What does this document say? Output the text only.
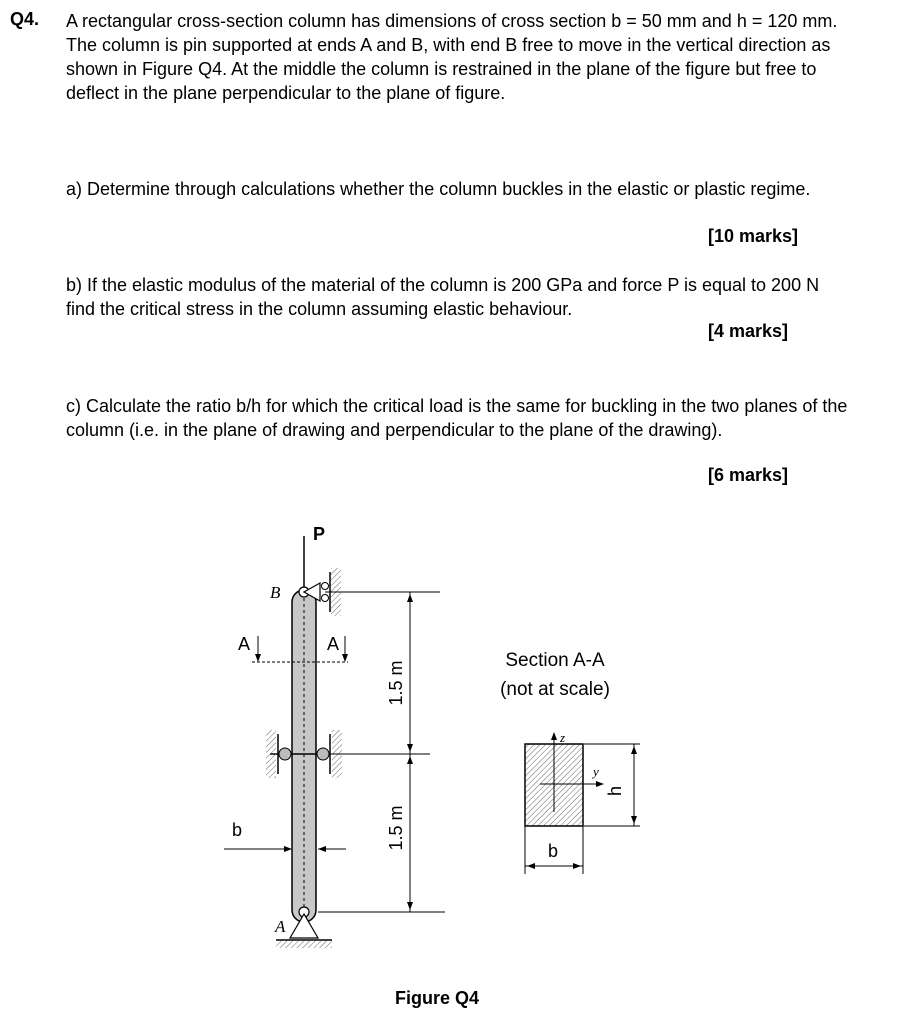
Q4. A rectangular cross-section column has dimensions of cross section b = 50 mm and h = 120 mm. The column is pin supported at ends A and B, with end B free to move in the vertical direction as shown in Figure Q4. At the middle the column is restrained in the plane of the figure but free to deflect in the plane perpendicular to the plane of figure.

a) Determine through calculations whether the column buckles in the elastic or plastic regime.

[10 marks]

b) If the elastic modulus of the material of the column is 200 GPa and force P is equal to 200 N find the critical stress in the column assuming elastic behaviour.

[4 marks]

c) Calculate the ratio b/h for which the critical load is the same for buckling in the two planes of the column (i.e. in the plane of drawing and perpendicular to the plane of the drawing).

[6 marks]
P
B
A	A
b
A
1.5 m
1.5 m
Section A-A
(not at scale)
z
y
h
b
Figure Q4
